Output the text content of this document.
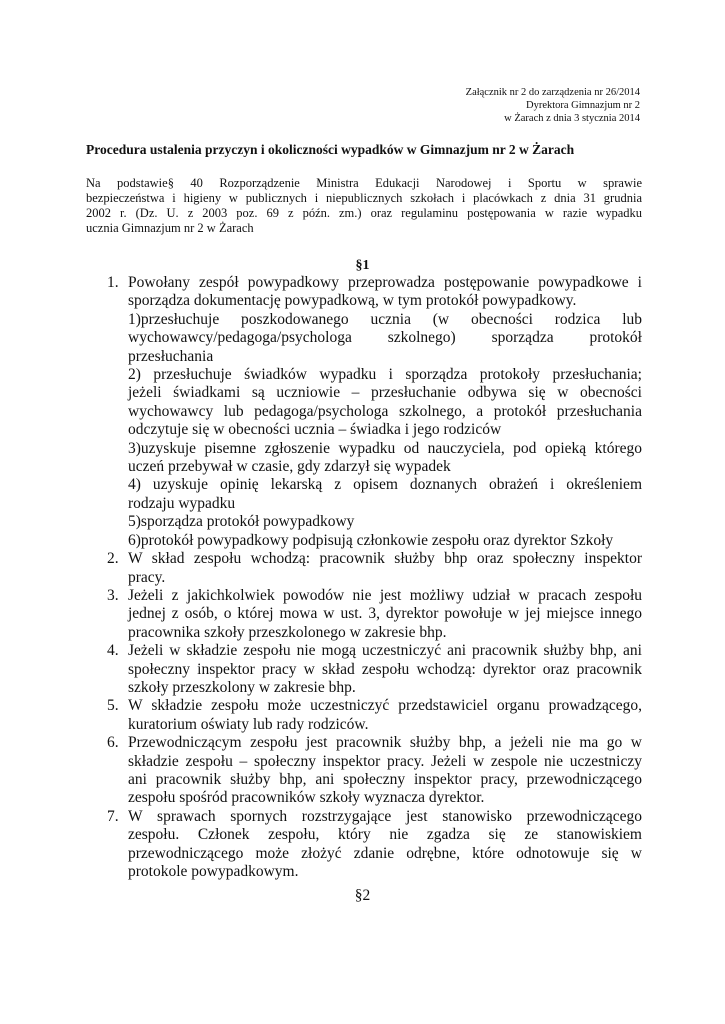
Załącznik nr 2 do zarządzenia nr 26/2014
Dyrektora Gimnazjum nr 2
w Żarach z dnia 3 stycznia 2014
Procedura ustalenia przyczyn i okoliczności wypadków w Gimnazjum nr 2 w Żarach
Na podstawie§ 40 Rozporządzenie Ministra Edukacji Narodowej i Sportu w sprawie
bezpieczeństwa i higieny w publicznych i niepublicznych szkołach i placówkach z dnia 31 grudnia
2002 r. (Dz. U. z 2003 poz. 69 z późn. zm.) oraz regulaminu postępowania w razie wypadku
ucznia Gimnazjum nr 2 w Żarach
§1
1. Powołany zespół powypadkowy przeprowadza postępowanie powypadkowe i
sporządza dokumentację powypadkową, w tym protokół powypadkowy.
1)przesłuchuje poszkodowanego ucznia (w obecności rodzica lub
wychowawcy/pedagoga/psychologa szkolnego) sporządza protokół
przesłuchania
2) przesłuchuje świadków wypadku i sporządza protokoły przesłuchania;
jeżeli świadkami są uczniowie – przesłuchanie odbywa się w obecności
wychowawcy lub pedagoga/psychologa szkolnego, a protokół przesłuchania
odczytuje się w obecności ucznia – świadka i jego rodziców
3)uzyskuje pisemne zgłoszenie wypadku od nauczyciela, pod opieką którego
uczeń przebywał w czasie, gdy zdarzył się wypadek
4) uzyskuje opinię lekarską z opisem doznanych obrażeń i określeniem
rodzaju wypadku
5)sporządza protokół powypadkowy
6)protokół powypadkowy podpisują członkowie zespołu oraz dyrektor Szkoły
2. W skład zespołu wchodzą: pracownik służby bhp oraz społeczny inspektor
pracy.
3. Jeżeli z jakichkolwiek powodów nie jest możliwy udział w pracach zespołu
jednej z osób, o której mowa w ust. 3, dyrektor powołuje w jej miejsce innego
pracownika szkoły przeszkolonego w zakresie bhp.
4. Jeżeli w składzie zespołu nie mogą uczestniczyć ani pracownik służby bhp, ani
społeczny inspektor pracy w skład zespołu wchodzą: dyrektor oraz pracownik
szkoły przeszkolony w zakresie bhp.
5. W składzie zespołu może uczestniczyć przedstawiciel organu prowadzącego,
kuratorium oświaty lub rady rodziców.
6. Przewodniczącym zespołu jest pracownik służby bhp, a jeżeli nie ma go w
składzie zespołu – społeczny inspektor pracy. Jeżeli w zespole nie uczestniczy
ani pracownik służby bhp, ani społeczny inspektor pracy, przewodniczącego
zespołu spośród pracowników szkoły wyznacza dyrektor.
7. W sprawach spornych rozstrzygające jest stanowisko przewodniczącego
zespołu. Członek zespołu, który nie zgadza się ze stanowiskiem
przewodniczącego może złożyć zdanie odrębne, które odnotowuje się w
protokole powypadkowym.
§2
